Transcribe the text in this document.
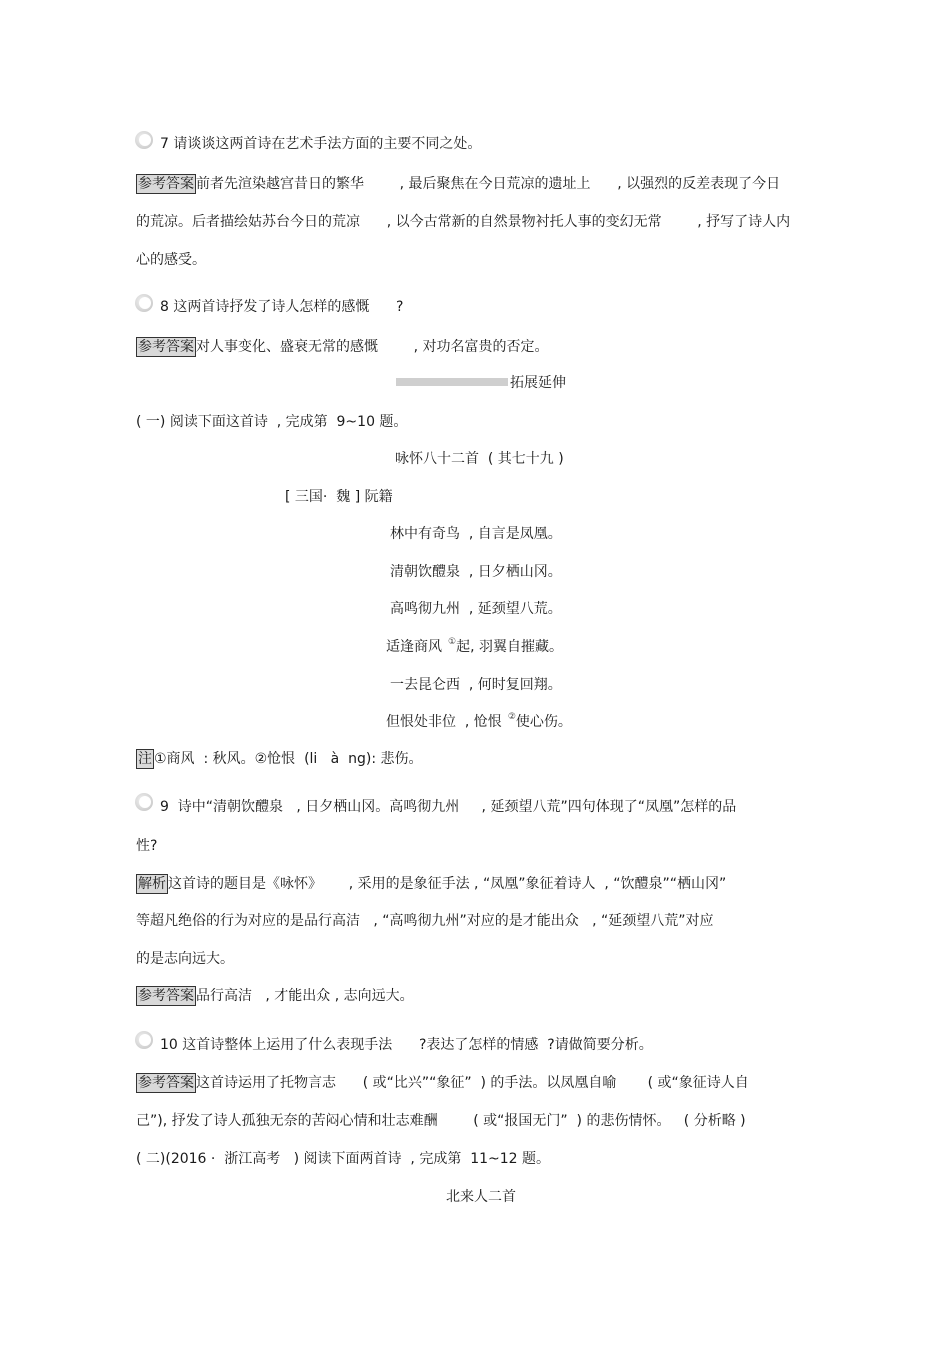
7 请谈谈这两首诗在艺术手法方面的主要不同之处。
参考答案 前者先渲染越宫昔日的繁华        , 最后聚焦在今日荒凉的遗址上      , 以强烈的反差表现了今日
的荒凉。后者描绘姑苏台今日的荒凉      , 以今古常新的自然景物衬托人事的变幻无常        , 抒写了诗人内
心的感受。
8 这两首诗抒发了诗人怎样的感慨      ?
参考答案 对人事变化、盛衰无常的感慨        , 对功名富贵的否定。
拓展延伸
( 一) 阅读下面这首诗  , 完成第  9~10 题。
咏怀八十二首  ( 其七十九 )
[ 三国·  魏 ] 阮籍
林中有奇鸟  , 自言是凤凰。
清朝饮醴泉  , 日夕栖山冈。
高鸣彻九州  , 延颈望八荒。
适逢商风 ①起, 羽翼自摧藏。
一去昆仑西  , 何时复回翔。
但恨处非位  , 怆恨 ②使心伤。
注 ①商风  : 秋风。②怆恨  (li   à  ng): 悲伤。
9  诗中“清朝饮醴泉   , 日夕栖山冈。高鸣彻九州     , 延颈望八荒”四句体现了“凤凰”怎样的品
性?
解析 这首诗的题目是《咏怀》      , 采用的是象征手法 , “凤凰”象征着诗人  , “饮醴泉”“栖山冈”
等超凡绝俗的行为对应的是品行高洁   , “高鸣彻九州”对应的是才能出众   , “延颈望八荒”对应
的是志向远大。
参考答案 品行高洁   , 才能出众 , 志向远大。
10 这首诗整体上运用了什么表现手法      ?表达了怎样的情感  ?请做简要分析。
参考答案 这首诗运用了托物言志      ( 或“比兴”“象征”  ) 的手法。以凤凰自喻       ( 或“象征诗人自
己”), 抒发了诗人孤独无奈的苦闷心情和壮志难酬        ( 或“报国无门”  ) 的悲伤情怀。   ( 分析略 )
( 二)(2016 ·  浙江高考   ) 阅读下面两首诗  , 完成第  11~12 题。
北来人二首
